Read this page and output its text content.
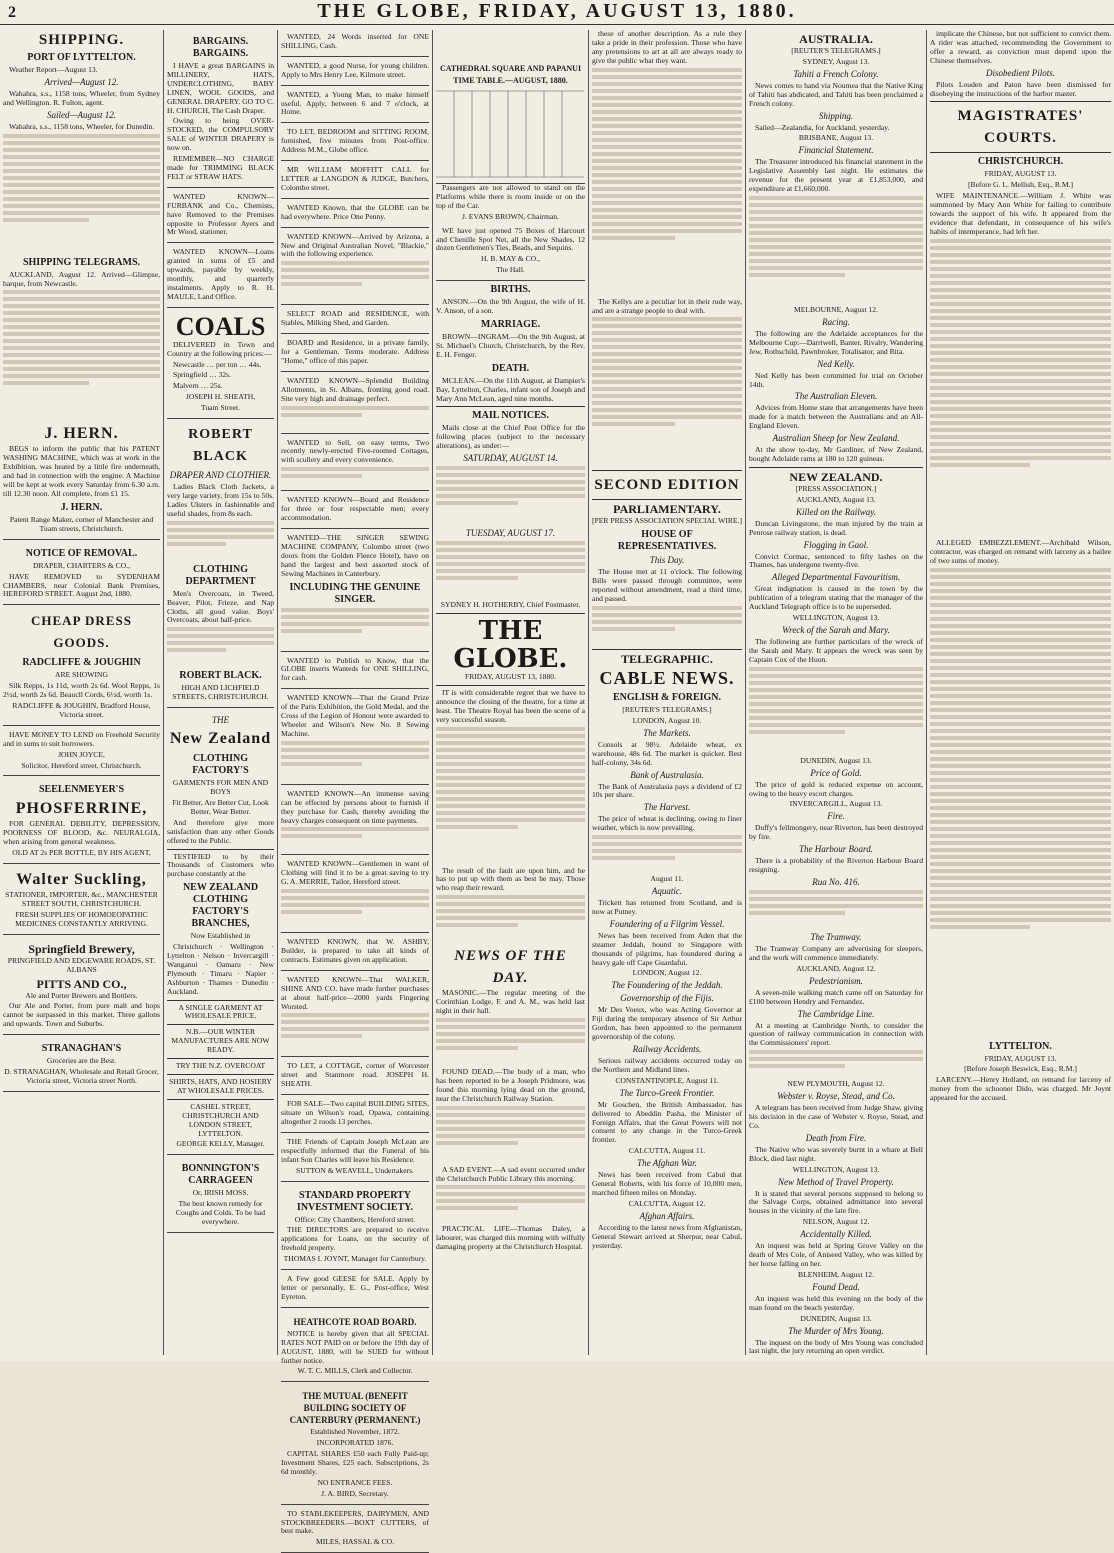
2	THE GLOBE, FRIDAY, AUGUST 13, 1880.
SHIPPING.
PORT OF LYTTELTON.

Weather Report—August 13.

Arrived—August 12.

Wahahra, s.s., 1158 tons, Wheeler, from Sydney and Wellington. R. Fulton, agent.

Sailed—August 12.

Wahahra, s.s., 1158 tons, Wheeler, for Dunedin.

SHIPPING TELEGRAMS.

AUCKLAND, August 12. Arrived—Glimpse, barque, from Newcastle.

J. HERN.

BEGS to inform the public that his PATENT WASHING MACHINE, which was at work in the Exhibition, was heated by a little fire underneath, and had in connection with the engine. A Machine will be kept at work every Saturday from 6.30 a.m. till 12.30 noon. All complete, from £1 15.

J. HERN.

Patent Range Maker, corner of Manchester and Tuam streets, Christchurch.

NOTICE OF REMOVAL.

DRAPER, CHARTERS & CO.,

HAVE REMOVED to SYDENHAM CHAMBERS, near Colonial Bank Premises, HEREFORD STREET. August 2nd, 1880.

CHEAP DRESS GOODS.
RADCLIFFE & JOUGHIN

ARE SHOWING

Silk Repps, 1s 11d, worth 2s 6d. Wool Repps, 1s 2½d, worth 2s 6d. Beaucll Cords, 6½d, worth 1s.

RADCLIFFE & JOUGHIN, Bradford House, Victoria street.

HAVE MONEY TO LEND on Freehold Security and in sums to suit borrowers.

JOHN JOYCE,

Solicitor, Hereford street, Christchurch.

SEELENMEYER'S
PHOSFERRINE,

FOR GENERAL DEBILITY, DEPRESSION, POORNESS OF BLOOD, &c. NEURALGIA, when arising from general weakness.

OLD AT 2s PER BOTTLE, BY HIS AGENT,

Walter Suckling,

STATIONER, IMPORTER, &c., MANCHESTER STREET SOUTH, CHRISTCHURCH.

FRESH SUPPLIES OF HOMOEOPATHIC MEDICINES CONSTANTLY ARRIVING.

Springfield Brewery,

PRINGFIELD AND EDGEWARE ROADS, ST. ALBANS

PITTS AND CO.,

Ale and Porter Brewers and Bottlers.

Our Ale and Porter, from pure malt and hops cannot be surpassed in this market. Three gallons and upwards. Town and Suburbs.

STRANAGHAN'S

Groceries are the Best.

D. STRANAGHAN, Wholesale and Retail Grocer, Victoria street, Victoria street North.

BARGAINS. BARGAINS.

I HAVE a great BARGAINS in MILLINERY, HATS, UNDERCLOTHING, BABY LINEN, WOOL GOODS, and GENERAL DRAPERY. GO TO C. H. CHURCH, The Cash Draper.

Owing to being OVER-STOCKED, the COMPULSORY SALE of WINTER DRAPERY is now on.

REMEMBER—NO CHARGE made for TRIMMING BLACK FELT or STRAW HATS.

WANTED KNOWN—FURBANK and Co., Chemists, have Removed to the Premises opposite to Professor Ayers and Mr Wood, stationer.

WANTED KNOWN—Loans granted in sums of £5 and upwards, payable by weekly, monthly, and quarterly instalments. Apply to R. H. MAULE, Land Office.

COALS

DELIVERED in Town and Country at the following prices:—

Newcastle … per ton … 44s.

Springfield … 32s.

Malvern … 25s.

JOSEPH H. SHEATH,

Tuam Street.

ROBERT BLACK
DRAPER AND CLOTHIER.

Ladies Black Cloth Jackets, a very large variety, from 15s to 50s. Ladies Ulsters in fashionable and useful shades, from 8s each.

CLOTHING DEPARTMENT

Men's Overcoats, in Tweed, Beaver, Pilot, Frieze, and Nap Cloths, all good value. Boys' Overcoats, about half-price.

ROBERT BLACK.

HIGH AND LICHFIELD STREETS, CHRISTCHURCH.

THE
New Zealand
CLOTHING FACTORY'S

GARMENTS FOR MEN AND BOYS

Fit Better, Are Better Cut, Look Better, Wear Better.

And therefore give more satisfaction than any other Goods offered to the Public.

TESTIFIED to by their Thousands of Customers who purchase constantly at the

NEW ZEALAND CLOTHING FACTORY'S BRANCHES,

Now Established in

Christchurch · Wellington · Lyttelton · Nelson · Invercargill · Wanganui · Oamaru · New Plymouth · Timaru · Napier · Ashburton · Thames · Dunedin · Auckland.

A SINGLE GARMENT AT WHOLESALE PRICE.

N.B.—OUR WINTER MANUFACTURES ARE NOW READY.

TRY THE N.Z. OVERCOAT

SHIRTS, HATS, AND HOSIERY AT WHOLESALE PRICES.

CASHEL STREET, CHRISTCHURCH AND LONDON STREET, LYTTELTON.

GEORGE KELLY, Manager.

BONNINGTON'S CARRAGEEN

Or, IRISH MOSS.

The best known remedy for Coughs and Colds. To be had everywhere.

WANTED, 24 Words inserted for ONE SHILLING, Cash.

WANTED, a good Nurse, for young children. Apply to Mrs Henry Lee, Kilmore street.

WANTED, a Young Man, to make himself useful. Apply, between 6 and 7 o'clock, at Home.

TO LET, BEDROOM and SITTING ROOM, furnished, five minutes from Post-office. Address M.M., Globe office.

MR WILLIAM MOFFITT CALL for LETTER at LANGDON & JUDGE, Butchers, Colombo street.

WANTED Known, that the GLOBE can be had everywhere. Price One Penny.

WANTED KNOWN—Arrived by Arizona, a New and Original Australian Novel, "Blackie," with the following experience.

SELECT ROAD and RESIDENCE, with Stables, Milking Shed, and Garden.

BOARD and Residence, in a private family, for a Gentleman. Terms moderate. Address "Home," office of this paper.

WANTED KNOWN—Splendid Building Allotments, in St. Albans, fronting good road. Site very high and drainage perfect.

WANTED to Sell, on easy terms, Two recently newly-erected Five-roomed Cottages, with scullery and every convenience.

WANTED KNOWN—Board and Residence for three or four respectable men; every accommodation.

WANTED—THE SINGER SEWING MACHINE COMPANY, Colombo street (two doors from the Golden Fleece Hotel), have on hand the largest and best assorted stock of Sewing Machines in Canterbury.

INCLUDING THE GENUINE SINGER.

WANTED to Publish to Know, that the GLOBE inserts Wanteds for ONE SHILLING, for cash.

WANTED KNOWN—That the Grand Prize of the Paris Exhibition, the Gold Medal, and the Cross of the Legion of Honour were awarded to Wheeler and Wilson's New No. 8 Sewing Machine.

WANTED KNOWN—An immense saving can be effected by persons about to furnish if they purchase for Cash, thereby avoiding the heavy charges consequent on time payments.

WANTED KNOWN—Gentlemen in want of Clothing will find it to be a great saving to try G. A. MERRIE, Tailor, Hereford street.

WANTED KNOWN, that W. ASHBY, Builder, is prepared to take all kinds of contracts. Estimates given on application.

WANTED KNOWN—That WALKER, SHINE AND CO. have made further purchases at about half-price—2000 yards Fingering Worsted.

TO LET, a COTTAGE, corner of Worcester street and Stanmore road. JOSEPH H. SHEATH.

FOR SALE—Two capital BUILDING SITES, situate on Wilson's road, Opawa, containing altogether 2 roods 13 perches.

THE Friends of Captain Joseph McLean are respectfully informed that the Funeral of his infant Son Charles will leave his Residence.

SUTTON & WEAVELL, Undertakers.

STANDARD PROPERTY INVESTMENT SOCIETY.

Office: City Chambers, Hereford street.

THE DIRECTORS are prepared to receive applications for Loans, on the security of freehold property.

THOMAS I. JOYNT, Manager for Canterbury.

A Few good GEESE for SALE. Apply by letter or personally, E. G., Post-office, West Eyreton.

HEATHCOTE ROAD BOARD.

NOTICE is hereby given that all SPECIAL RATES NOT PAID on or before the 19th day of AUGUST, 1880, will be SUED for without further notice.

W. T. C. MILLS, Clerk and Collector.

THE MUTUAL (BENEFIT BUILDING SOCIETY OF CANTERBURY (PERMANENT.)

Established November, 1872.

INCORPORATED 1876.

CAPITAL SHARES £50 each Fully Paid-up; Investment Shares, £25 each. Subscriptions, 2s 6d monthly.

NO ENTRANCE FEES.

J. A. BIRD, Secretary.

TO STABLEKEEPERS, DAIRYMEN, AND STOCKBREEDERS.—BOXT CUTTERS, of best make.

MILES, HASSAL & CO.

CATHEDRAL SQUARE AND PAPANUI TIME TABLE.—AUGUST, 1880.

Passengers are not allowed to stand on the Platforms while there is room inside or on the top of the Car.

J. EVANS BROWN, Chairman.

WE have just opened 75 Boxes of Harcourt and Chenille Spot Net, all the New Shades, 12 dozen Gentlemen's Ties, Beads, and Sequins.

H. B. MAY & CO.,

The Hall.

BIRTHS.

ANSON.—On the 9th August, the wife of H. V. Anson, of a son.

MARRIAGE.

BROWN—INGRAM.—On the 9th August, at St. Michael's Church, Christchurch, by the Rev. E. H. Fenger.

DEATH.

MCLEAN.—On the 11th August, at Dampier's Bay, Lyttelton, Charles, infant son of Joseph and Mary Ann McLean, aged nine months.

MAIL NOTICES.

Mails close at the Chief Post Office for the following places (subject to the necessary alterations), as under:—

SATURDAY, AUGUST 14.
TUESDAY, AUGUST 17.

SYDNEY H. HOTHERBY, Chief Postmaster.

THE GLOBE.

FRIDAY, AUGUST 13, 1880.

IT is with considerable regret that we have to announce the closing of the theatre, for a time at least. The Theatre Royal has been the scene of a very successful season.

The result of the fault are upon him, and he has to put up with them as best he may. Those who reap their reward.

NEWS OF THE DAY.

MASONIC.—The regular meeting of the Corinthian Lodge, F. and A. M., was held last night in their hall.

FOUND DEAD.—The body of a man, who has been reported to be a Joseph Pridmore, was found this morning lying dead on the ground, near the Christchurch Railway Station.

A SAD EVENT.—A sad event occurred under the Christchurch Public Library this morning.

PRACTICAL LIFE—Thomas Daley, a labourer, was charged this morning with wilfully damaging property at the Christchurch Hospital.

these of another description. As a rule they take a pride in their profession. Those who have any pretensions to art at all are always ready to give the public what they want.

The Kellys are a peculiar lot in their rude way, and are a strange people to deal with.

SECOND EDITION
PARLIAMENTARY.

[PER PRESS ASSOCIATION SPECIAL WIRE.]

HOUSE OF REPRESENTATIVES.
This Day.

The House met at 11 o'clock. The following Bills were passed through committee, were reported without amendment, read a third time, and passed.

TELEGRAPHIC.
CABLE NEWS.
ENGLISH & FOREIGN.

[REUTER'S TELEGRAMS.]

LONDON, August 10.

The Markets.

Consols at 98½. Adelaide wheat, ex warehouse, 48s 6d. The market is quicker. Best half-colony, 34s 6d.

Bank of Australasia.

The Bank of Australasia pays a dividend of £2 10s per share.

The Harvest.

The price of wheat is declining, owing to finer weather, which is now prevailing.

August 11.

Aquatic.

Trickett has returned from Scotland, and is now at Putney.

Foundering of a Filgrim Vessel.

News has been received from Aden that the steamer Jeddah, bound to Singapore with thousands of pilgrims, has foundered during a heavy gale off Cape Guardafui.

LONDON, August 12.

The Foundering of the Jeddah.
Governorship of the Fijis.

Mr Des Voeux, who was Acting Governor at Fiji during the temporary absence of Sir Arthur Gordon, has been appointed to the permanent governorship of the colony.

Railway Accidents.

Serious railway accidents occurred today on the Northern and Midland lines.

CONSTANTINOPLE, August 11.

The Turco-Greek Frontier.

Mr Goschen, the British Ambassador, has delivered to Abeddin Pasha, the Minister of Foreign Affairs, that the Great Powers will not consent to any change in the Turco-Greek frontier.

CALCUTTA, August 11.

The Afghan War.

News has been received from Cabul that General Roberts, with his force of 10,000 men, marched fifteen miles on Monday.

CALCUTTA, August 12.

Afghan Affairs.

According to the latest news from Afghanistan, General Stewart arrived at Sherpur, near Cabul, yesterday.

AUSTRALIA.

[REUTER'S TELEGRAMS.]

SYDNEY, August 13.

Tahiti a French Colony.

News comes to hand via Noumea that the Native King of Tahiti has abdicated, and Tahiti has been proclaimed a French colony.

Shipping.

Sailed—Zealandia, for Auckland, yesterday.

BRISBANE, August 13.

Financial Statement.

The Treasurer introduced his financial statement in the Legislative Assembly last night. He estimates the revenue for the present year at £1,853,000, and expenditure at £1,660,000.

MELBOURNE, August 12.

Racing.

The following are the Adelaide acceptances for the Melbourne Cup:—Darriwell, Banter, Rivalry, Wandering Jew, Rothschild, Pawnbroker, Totalisator, and Rita.

Ned Kelly.

Ned Kelly has been committed for trial on October 14th.

The Australian Eleven.

Advices from Home state that arrangements have been made for a match between the Australians and an All-England Eleven.

Australian Sheep for New Zealand.

At the show to-day, Mr Gardiner, of New Zealand, bought Adelaide rams at 180 to 120 guineas.

NEW ZEALAND.

[PRESS ASSOCIATION.]

AUCKLAND, August 13.

Killed on the Railway.

Duncan Livingstone, the man injured by the train at Penrose railway station, is dead.

Flogging in Gaol.

Convict Cormac, sentenced to fifty lashes on the Thames, has undergone twenty-five.

Alleged Departmental Favouritism.

Great indignation is caused in the town by the publication of a telegram stating that the manager of the Auckland Telegraph office is to be superseded.

WELLINGTON, August 13.

Wreck of the Sarah and Mary.

The following are further particulars of the wreck of the Sarah and Mary. It appears the wreck was seen by Captain Cox of the Huon.

DUNEDIN, August 13.

Price of Gold.

The price of gold is reduced expense on account, owing to the heavy escort charges.

INVERCARGILL, August 13.

Fire.

Duffy's fellmongery, near Riverton, has been destroyed by fire.

The Harbour Board.

There is a probability of the Riverton Harbour Board resigning.

Rua No. 416.
The Tramway.

The Tramway Company are advertising for sleepers, and the work will commence immediately.

AUCKLAND, August 12.

Pedestrianism.

A seven-mile walking match came off on Saturday for £100 between Hendry and Fernandez.

The Cambridge Line.

At a meeting at Cambridge North, to consider the question of railway communication in connection with the Commissioners' report.

NEW PLYMOUTH, August 12.

Webster v. Royse, Stead, and Co.

A telegram has been received from Judge Shaw, giving his decision in the case of Webster v. Royse, Stead, and Co.

Death from Fire.

The Native who was severely burnt in a whare at Bell Block, died last night.

WELLINGTON, August 13.

New Method of Travel Property.

It is stated that several persons supposed to belong to the Salvage Corps, obtained admittance into several houses in the vicinity of the late fire.

NELSON, August 12.

Accidentally Killed.

An inquest was held at Spring Grove Valley on the death of Mrs Cole, of Aniseed Valley, who was killed by her horse falling on her.

BLENHEIM, August 12.

Found Dead.

An inquest was held this evening on the body of the man found on the beach yesterday.

DUNEDIN, August 13.

The Murder of Mrs Young.

The inquest on the body of Mrs Young was concluded last night, the jury returning an open verdict.

implicate the Chinese, but not sufficient to convict them. A rider was attached, recommending the Government to offer a reward, as conviction must depend upon the Chinese themselves.

Disobedient Pilots.

Pilots Louden and Paton have been dismissed for disobeying the instructions of the harbor master.

MAGISTRATES' COURTS.
CHRISTCHURCH.

FRIDAY, AUGUST 13.

[Before G. L. Mellish, Esq., R.M.]

WIFE MAINTENANCE.—William J. White was summoned by Mary Ann White for failing to contribute towards the support of his wife. It appeared from the evidence that defendant, in consequence of his wife's habits of intemperance, had left her.

ALLEGED EMBEZZLEMENT.—Archibald Wilson, contractor, was charged on remand with larceny as a bailee of two sums of money.

LYTTELTON.

FRIDAY, AUGUST 13.

[Before Joseph Beswick, Esq., R.M.]

LARCENY.—Henry Holland, on remand for larceny of money from the schooner Dido, was charged. Mr Joynt appeared for the accused.
